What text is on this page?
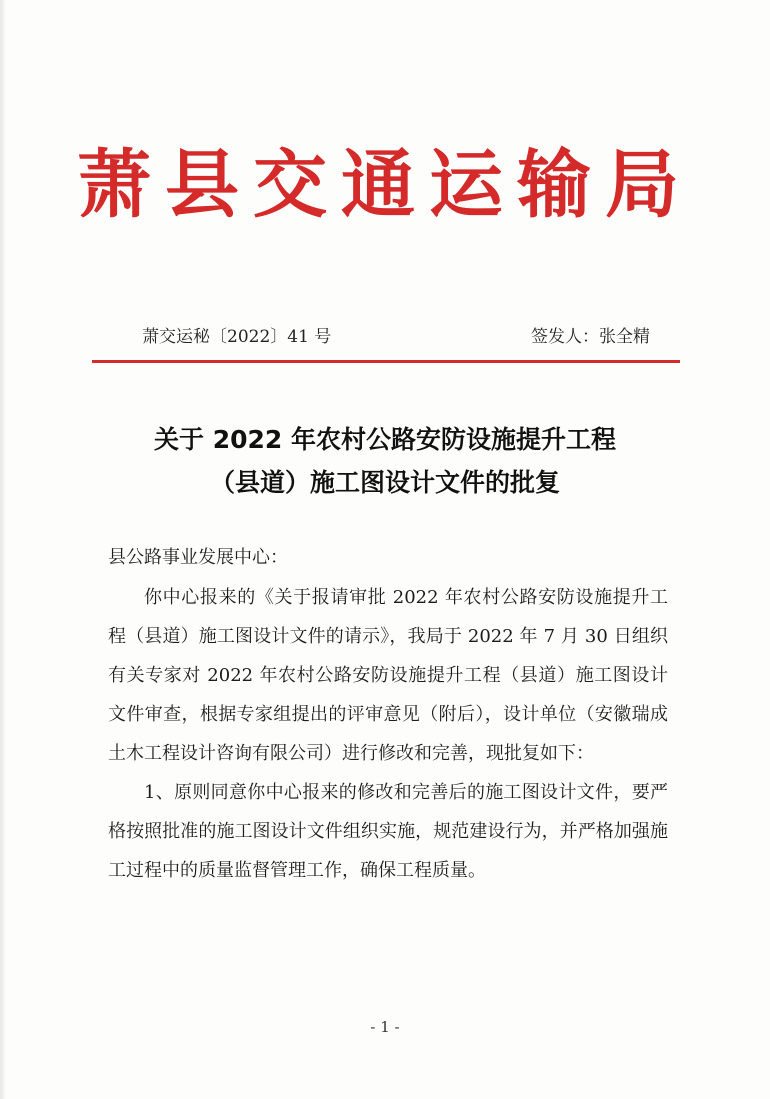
萧县交通运输局
萧交运秘〔2022〕41 号	签发人：张全精
关于 2022 年农村公路安防设施提升工程
（县道）施工图设计文件的批复

县公路事业发展中心：

你中心报来的《关于报请审批 2022 年农村公路安防设施提升工程（县道）施工图设计文件的请示》，我局于 2022 年 7 月 30 日组织有关专家对 2022 年农村公路安防设施提升工程（县道）施工图设计文件审查，根据专家组提出的评审意见（附后），设计单位（安徽瑞成土木工程设计咨询有限公司）进行修改和完善，现批复如下：

1、原则同意你中心报来的修改和完善后的施工图设计文件，要严格按照批准的施工图设计文件组织实施，规范建设行为，并严格加强施工过程中的质量监督管理工作，确保工程质量。

- 1 -
